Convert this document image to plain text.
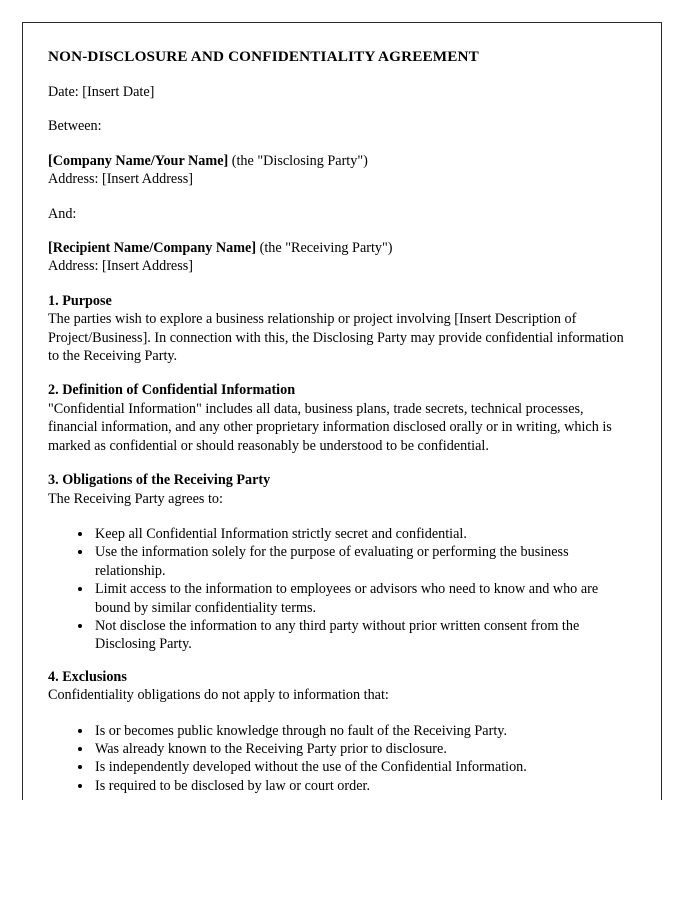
NON-DISCLOSURE AND CONFIDENTIALITY AGREEMENT

Date: [Insert Date]

Between:

[Company Name/Your Name] (the "Disclosing Party")
Address: [Insert Address]

And:

[Recipient Name/Company Name] (the "Receiving Party")
Address: [Insert Address]
1. Purpose
The parties wish to explore a business relationship or project involving [Insert Description of Project/Business]. In connection with this, the Disclosing Party may provide confidential information to the Receiving Party.
2. Definition of Confidential Information
"Confidential Information" includes all data, business plans, trade secrets, technical processes, financial information, and any other proprietary information disclosed orally or in writing, which is marked as confidential or should reasonably be understood to be confidential.
3. Obligations of the Receiving Party
The Receiving Party agrees to:
• Keep all Confidential Information strictly secret and confidential.
• Use the information solely for the purpose of evaluating or performing the business relationship.
• Limit access to the information to employees or advisors who need to know and who are bound by similar confidentiality terms.
• Not disclose the information to any third party without prior written consent from the Disclosing Party.
4. Exclusions
Confidentiality obligations do not apply to information that:
• Is or becomes public knowledge through no fault of the Receiving Party.
• Was already known to the Receiving Party prior to disclosure.
• Is independently developed without the use of the Confidential Information.
• Is required to be disclosed by law or court order.
